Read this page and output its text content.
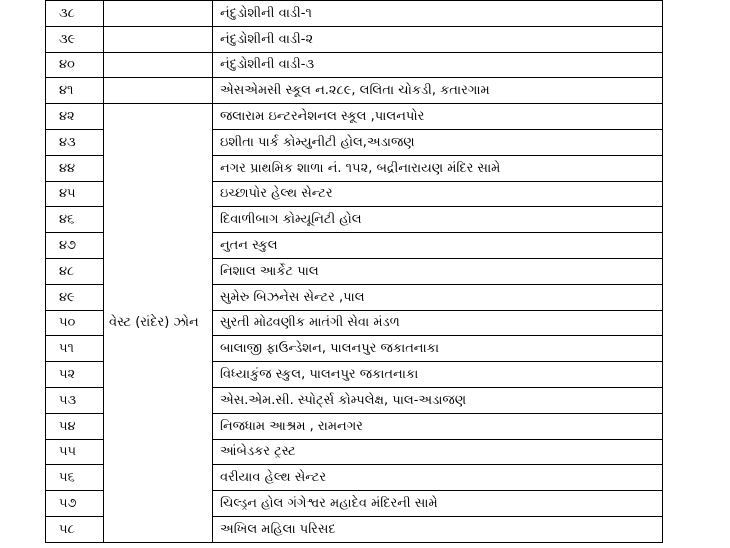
૩૮		નંદુડોશીની વાડી-૧
૩૯		નંદુડોશીની વાડી-૨
૪૦		નંદુડોશીની વાડી-૩
૪૧		એસએમસી સ્કૂલ ન.૨૮૯, લલિતા ચોકડી, કતારગામ
૪૨	વેસ્ટ (રાંદેર) ઝોન	જલારામ ઇન્ટરનેશનલ સ્કૂલ ,પાલનપોર
૪૩		ઇશીતા પાર્ક કોમ્યુનીટી હોલ,અડાજણ
૪૪		નગર પ્રાથમિક શાળા નં. ૧૫૨, બદ્રીનારાયણ મંદિર સામે
૪૫		ઇચ્છાપોર હેલ્થ સેન્ટર
૪૬		દિવાળીબાગ કોમ્યૂનિટી હોલ
૪૭		નુતન સ્કુલ
૪૮		નિશાલ આર્કેટ પાલ
૪૯		સુમેરુ બિઝનેસ સેન્ટર ,પાલ
૫૦		સુરતી મોઢવણીક માતંગી સેવા મંડળ
૫૧		બાલાજી ફાઉન્ડેશન, પાલનપુર જકાતનાકા
૫૨		વિધ્યાકુંજ સ્કુલ, પાલનપુર જકાતનાકા
૫૩		એસ.એમ.સી. સ્પોર્ટ્સ કોમ્પલેક્ષ, પાલ-અડાજણ
૫૪		નિજધામ આશ્રમ , રામનગર
૫૫		આંબેડકર ટ્રસ્ટ
૫૬		વરીયાવ હેલ્થ સેન્ટર
૫૭		ચિલ્ડ્રન હોલ ગંગેશ્વર મહાદેવ મંદિરની સામે
૫૮		અખિલ મહિલા પરિસદ
